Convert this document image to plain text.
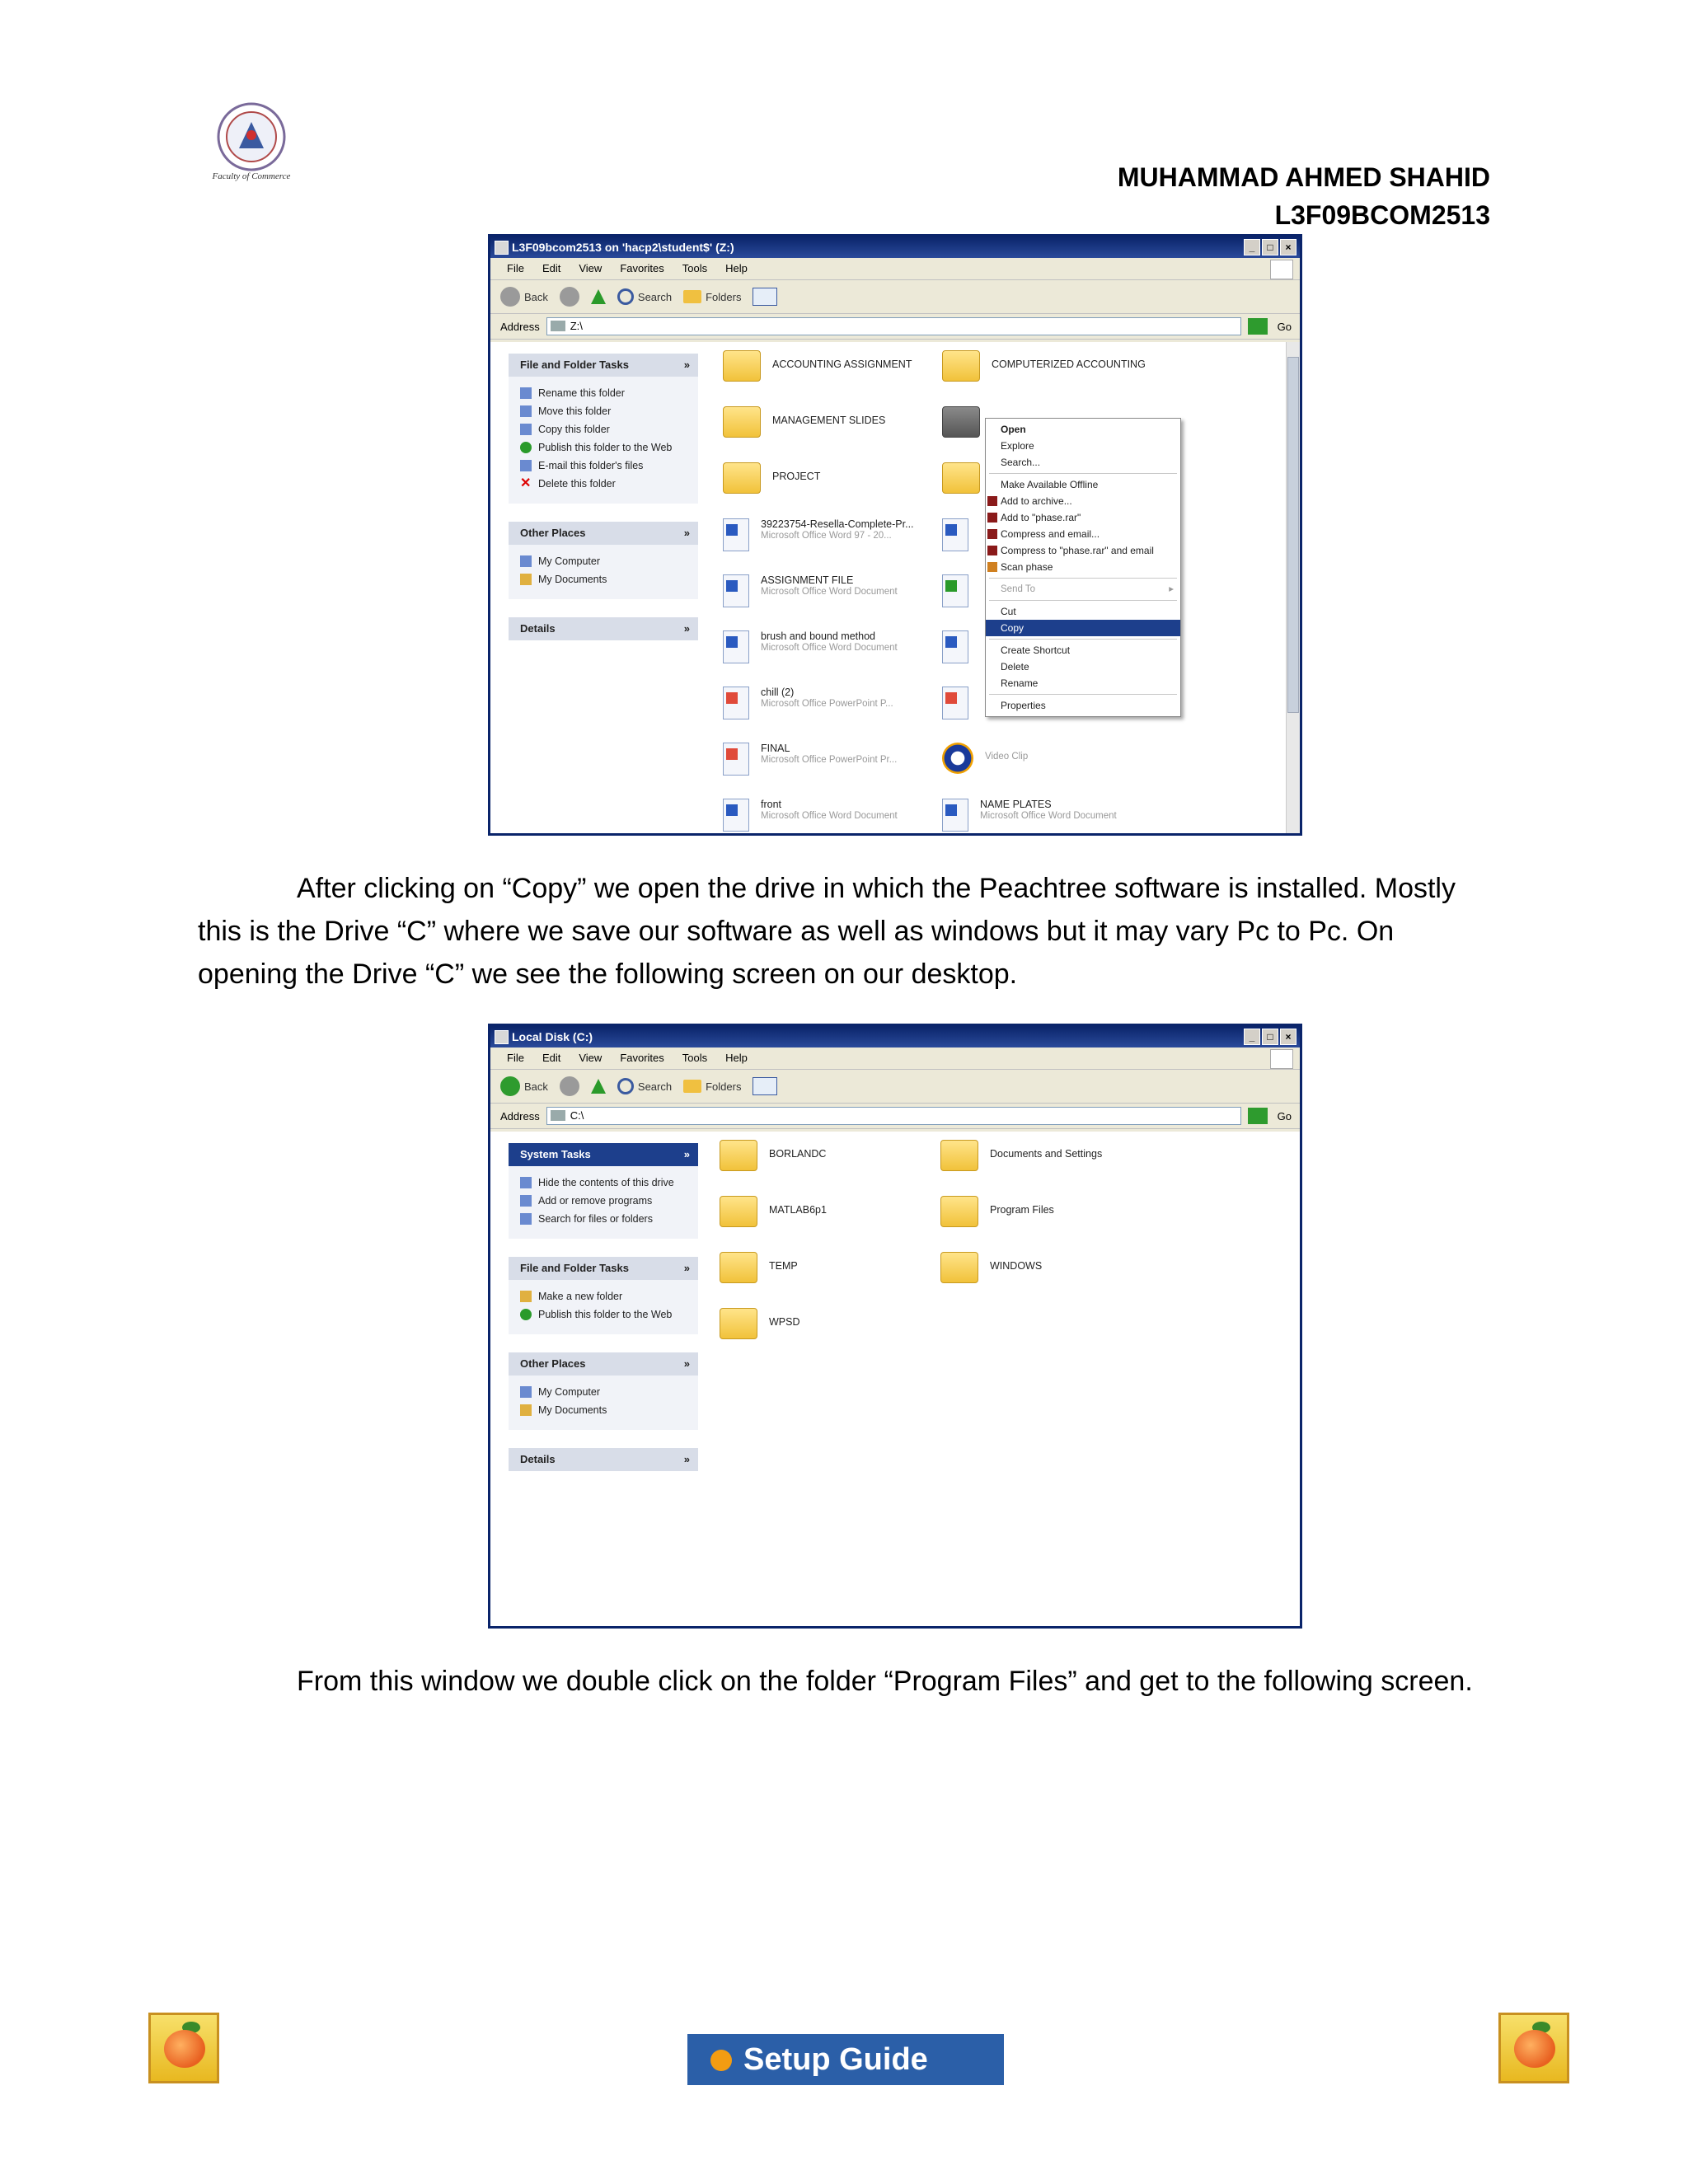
Faculty of Commerce	MUHAMMAD AHMED SHAHID
L3F09BCOM2513
L3F09bcom2513 on 'hacp2\student$' (Z:)	_	□	×
File Edit View Favorites Tools Help
Back	Search	Folders
Address	Z:\	Go
File and Folder Tasks	»
Rename this folder
Move this folder
Copy this folder
Publish this folder to the Web
E-mail this folder's files
✕ Delete this folder
Other Places	»
My Computer
My Documents
Details	»
ACCOUNTING ASSIGNMENT	COMPUTERIZED ACCOUNTING
MANAGEMENT SLIDES
PROJECT
39223754-Resella-Complete-Pr...
Microsoft Office Word 97 - 20...
ASSIGNMENT FILE
Microsoft Office Word Document
brush and bound method
Microsoft Office Word Document
chill (2)
Microsoft Office PowerPoint P...
FINAL
Microsoft Office PowerPoint Pr...
front
Microsoft Office Word Document
Video Clip
NAME PLATES
Microsoft Office Word Document
Open
Explore
Search...
Make Available Offline
Add to archive...
Add to "phase.rar"
Compress and email...
Compress to "phase.rar" and email
Scan phase
Send To ▸
Cut
Copy
Create Shortcut
Delete
Rename
Properties
After clicking on “Copy” we open the drive in which the Peachtree software is installed. Mostly this is the Drive “C” where we save our software as well as windows but it may vary Pc to Pc. On opening the Drive “C” we see the following screen on our desktop.
Local Disk (C:)	_	□	×
File Edit View Favorites Tools Help
Back	Search	Folders
Address	C:\	Go
System Tasks	»
Hide the contents of this drive
Add or remove programs
Search for files or folders
File and Folder Tasks	»
Make a new folder
Publish this folder to the Web
Other Places	»
My Computer
My Documents
Details	»
BORLANDC	Documents and Settings
MATLAB6p1	Program Files
TEMP	WINDOWS
WPSD
From this window we double click on the folder “Program Files” and get to the following screen.
Setup Guide
